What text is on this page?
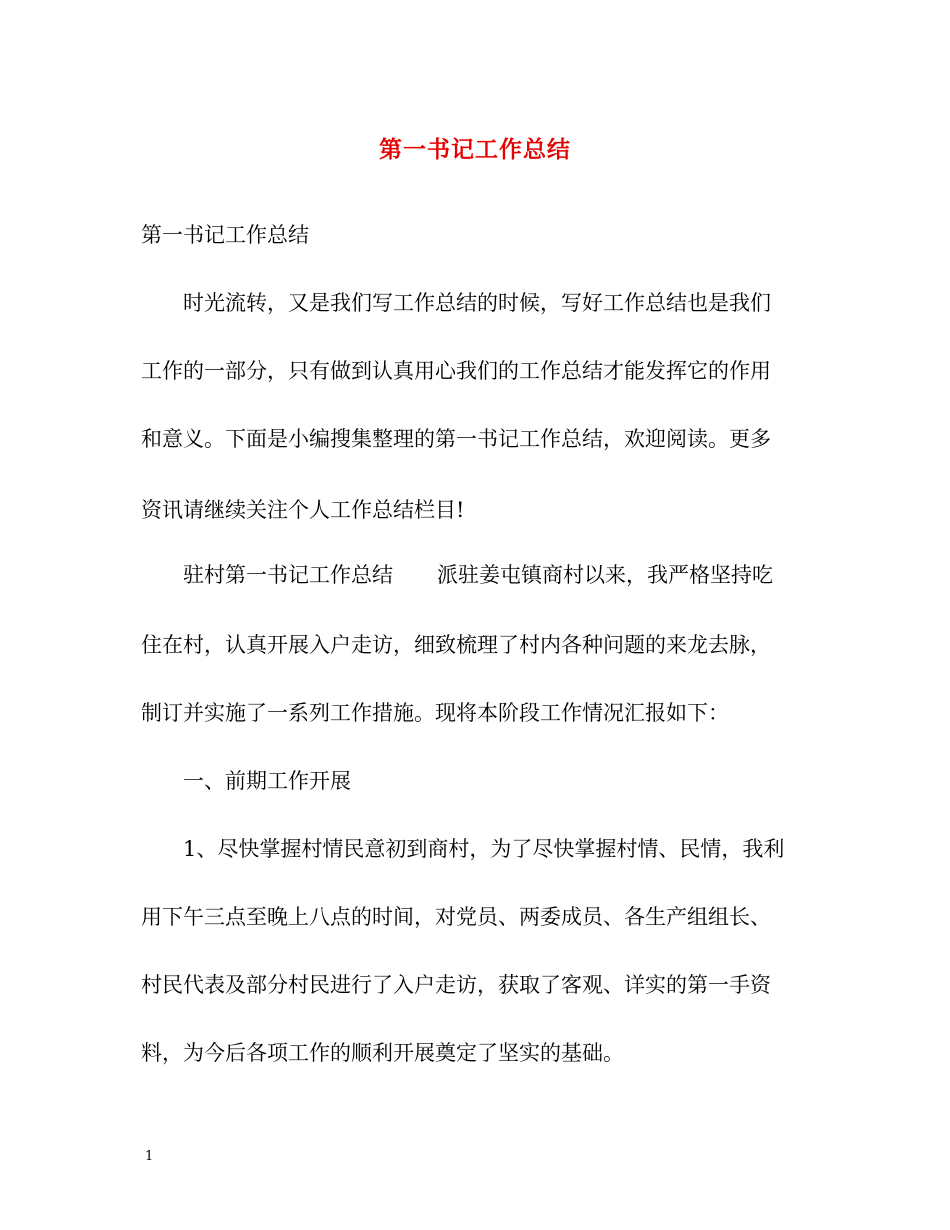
第一书记工作总结

第一书记工作总结

时光流转，又是我们写工作总结的时候，写好工作总结也是我们

工作的一部分，只有做到认真用心我们的工作总结才能发挥它的作用

和意义。下面是小编搜集整理的第一书记工作总结，欢迎阅读。更多

资讯请继续关注个人工作总结栏目!

驻村第一书记工作总结 派驻姜屯镇商村以来，我严格坚持吃

住在村，认真开展入户走访，细致梳理了村内各种问题的来龙去脉，

制订并实施了一系列工作措施。现将本阶段工作情况汇报如下：

一、前期工作开展

1、尽快掌握村情民意初到商村，为了尽快掌握村情、民情，我利

用下午三点至晚上八点的时间，对党员、两委成员、各生产组组长、

村民代表及部分村民进行了入户走访，获取了客观、详实的第一手资

料，为今后各项工作的顺利开展奠定了坚实的基础。

1
